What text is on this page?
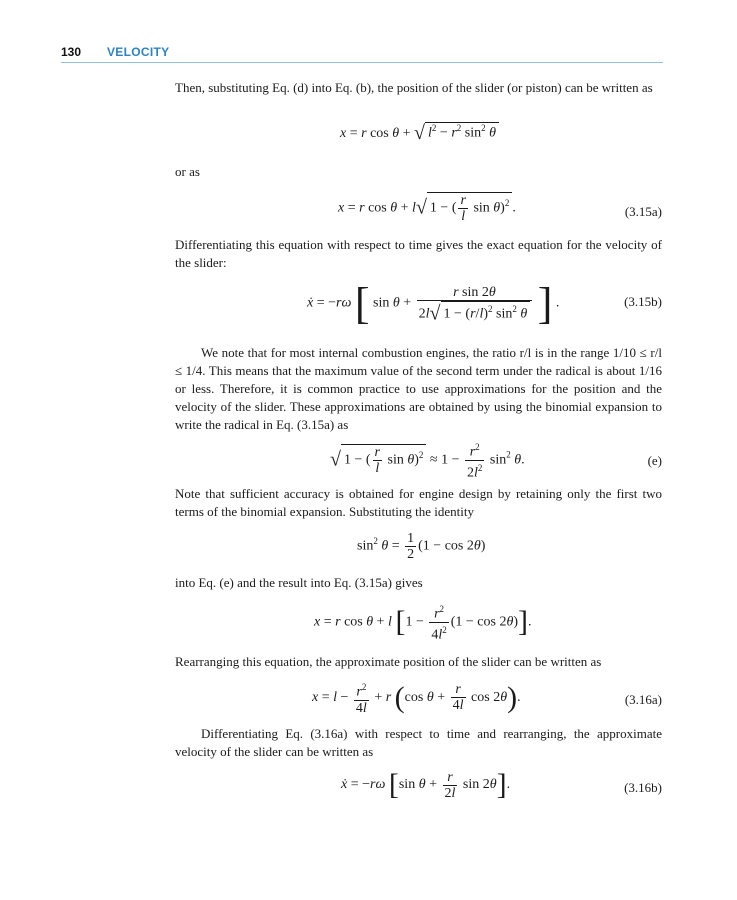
130 VELOCITY

Then, substituting Eq. (d) into Eq. (b), the position of the slider (or piston) can be written as

x = r cos θ + √ $l^2 - r^2$ $\sin^2 \theta$

or as

x = r cos θ + l√ 1 − ( $\frac{r}{l}$ sin θ)$^2$ .	(3.15a)

Differentiating this equation with respect to time gives the exact equation for the velocity of the slider:

ẋ = −rω [ $\sin \theta + \frac{\text{r sin 2θ}}{2l√ 1 - (r/l)^2 \sin^2 \theta}$ ] .	(3.15b)

We note that for most internal combustion engines, the ratio r/l is in the range 1/10 ≤ r/l ≤ 1/4. This means that the maximum value of the second term under the radical is about 1/16 or less. Therefore, it is common practice to use approximations for the position and the velocity of the slider. These approximations are obtained by using the binomial expansion to write the radical in Eq. (3.15a) as

√ 1 − ( $\frac{r}{l}$ $\sin \theta)^2 \approx 1 - \frac{r^2}{2l^2} \sin^2 \theta$.	(e)

Note that sufficient accuracy is obtained for engine design by retaining only the first two terms of the binomial expansion. Substituting the identity

$\sin^2 \theta = \frac{1}{2} (1 - \cos 2\theta)$

into Eq. (e) and the result into Eq. (3.15a) gives

x = r cos θ + l $[1 - \frac{r^2}{4l^2} (1 - \cos 2\theta)]$.

Rearranging this equation, the approximate position of the slider can be written as

$x = l - \frac{r^2}{4l} + r$ (cos $\theta + \frac{r}{4l}$ cos 2θ).	(3.16a)

Differentiating Eq. (3.16a) with respect to time and rearranging, the approximate velocity of the slider can be written as

ẋ = −rω [sin $\theta + \frac{r}{2l}$ sin 2θ].	(3.16b)
